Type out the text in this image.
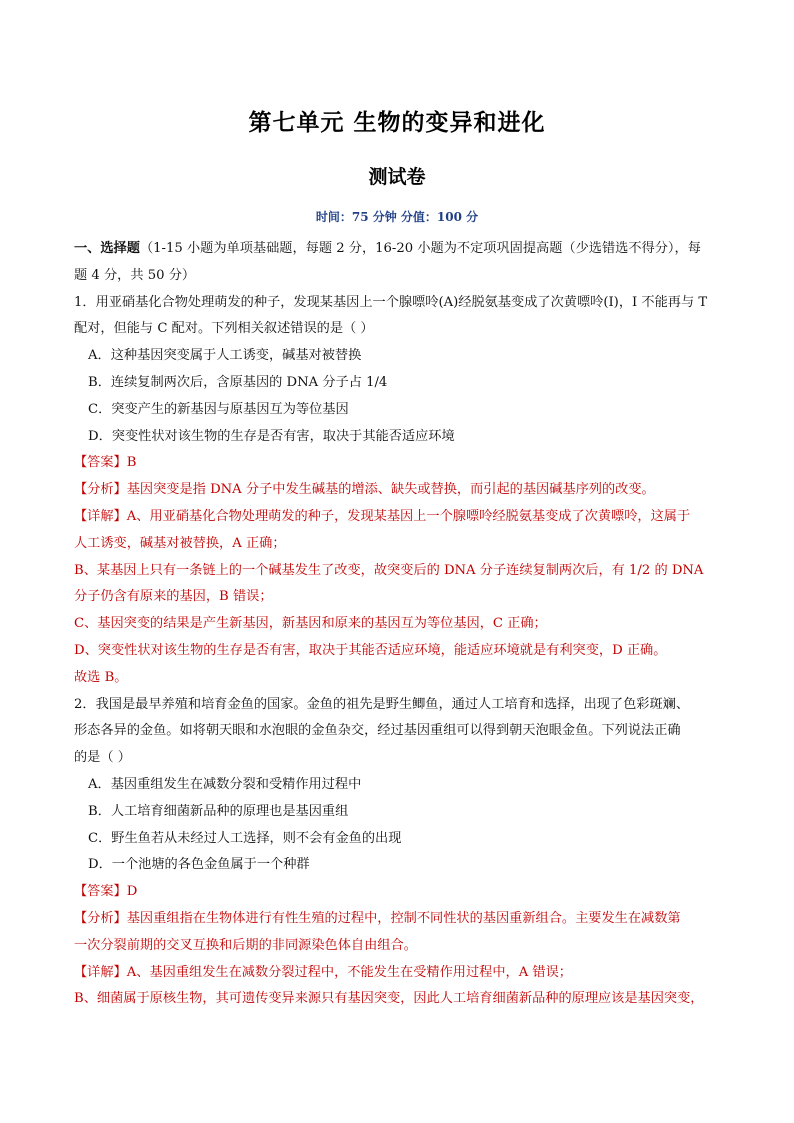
第七单元 生物的变异和进化
测试卷
时间：75 分钟 分值：100 分

一、选择题（1-15 小题为单项基础题，每题 2 分，16-20 小题为不定项巩固提高题（少选错选不得分），每

题 4 分，共 50 分）

1．用亚硝基化合物处理萌发的种子，发现某基因上一个腺嘌呤(A)经脱氨基变成了次黄嘌呤(I)，I 不能再与 T

配对，但能与 C 配对。下列相关叙述错误的是（ ）

A．这种基因突变属于人工诱变，碱基对被替换

B．连续复制两次后，含原基因的 DNA 分子占 1/4

C．突变产生的新基因与原基因互为等位基因

D．突变性状对该生物的生存是否有害，取决于其能否适应环境

【答案】B

【分析】基因突变是指 DNA 分子中发生碱基的增添、缺失或替换，而引起的基因碱基序列的改变。

【详解】A、用亚硝基化合物处理萌发的种子，发现某基因上一个腺嘌呤经脱氨基变成了次黄嘌呤，这属于

人工诱变，碱基对被替换，A 正确；

B、某基因上只有一条链上的一个碱基发生了改变，故突变后的 DNA 分子连续复制两次后，有 1/2 的 DNA

分子仍含有原来的基因，B 错误；

C、基因突变的结果是产生新基因，新基因和原来的基因互为等位基因，C 正确；

D、突变性状对该生物的生存是否有害，取决于其能否适应环境，能适应环境就是有利突变，D 正确。

故选 B。

2．我国是最早养殖和培育金鱼的国家。金鱼的祖先是野生鲫鱼，通过人工培育和选择，出现了色彩斑斓、

形态各异的金鱼。如将朝天眼和水泡眼的金鱼杂交，经过基因重组可以得到朝天泡眼金鱼。下列说法正确

的是（ ）

A．基因重组发生在减数分裂和受精作用过程中

B．人工培育细菌新品种的原理也是基因重组

C．野生鱼若从未经过人工选择，则不会有金鱼的出现

D．一个池塘的各色金鱼属于一个种群

【答案】D

【分析】基因重组指在生物体进行有性生殖的过程中，控制不同性状的基因重新组合。主要发生在减数第

一次分裂前期的交叉互换和后期的非同源染色体自由组合。

【详解】A、基因重组发生在减数分裂过程中，不能发生在受精作用过程中，A 错误；

B、细菌属于原核生物，其可遗传变异来源只有基因突变，因此人工培育细菌新品种的原理应该是基因突变，
